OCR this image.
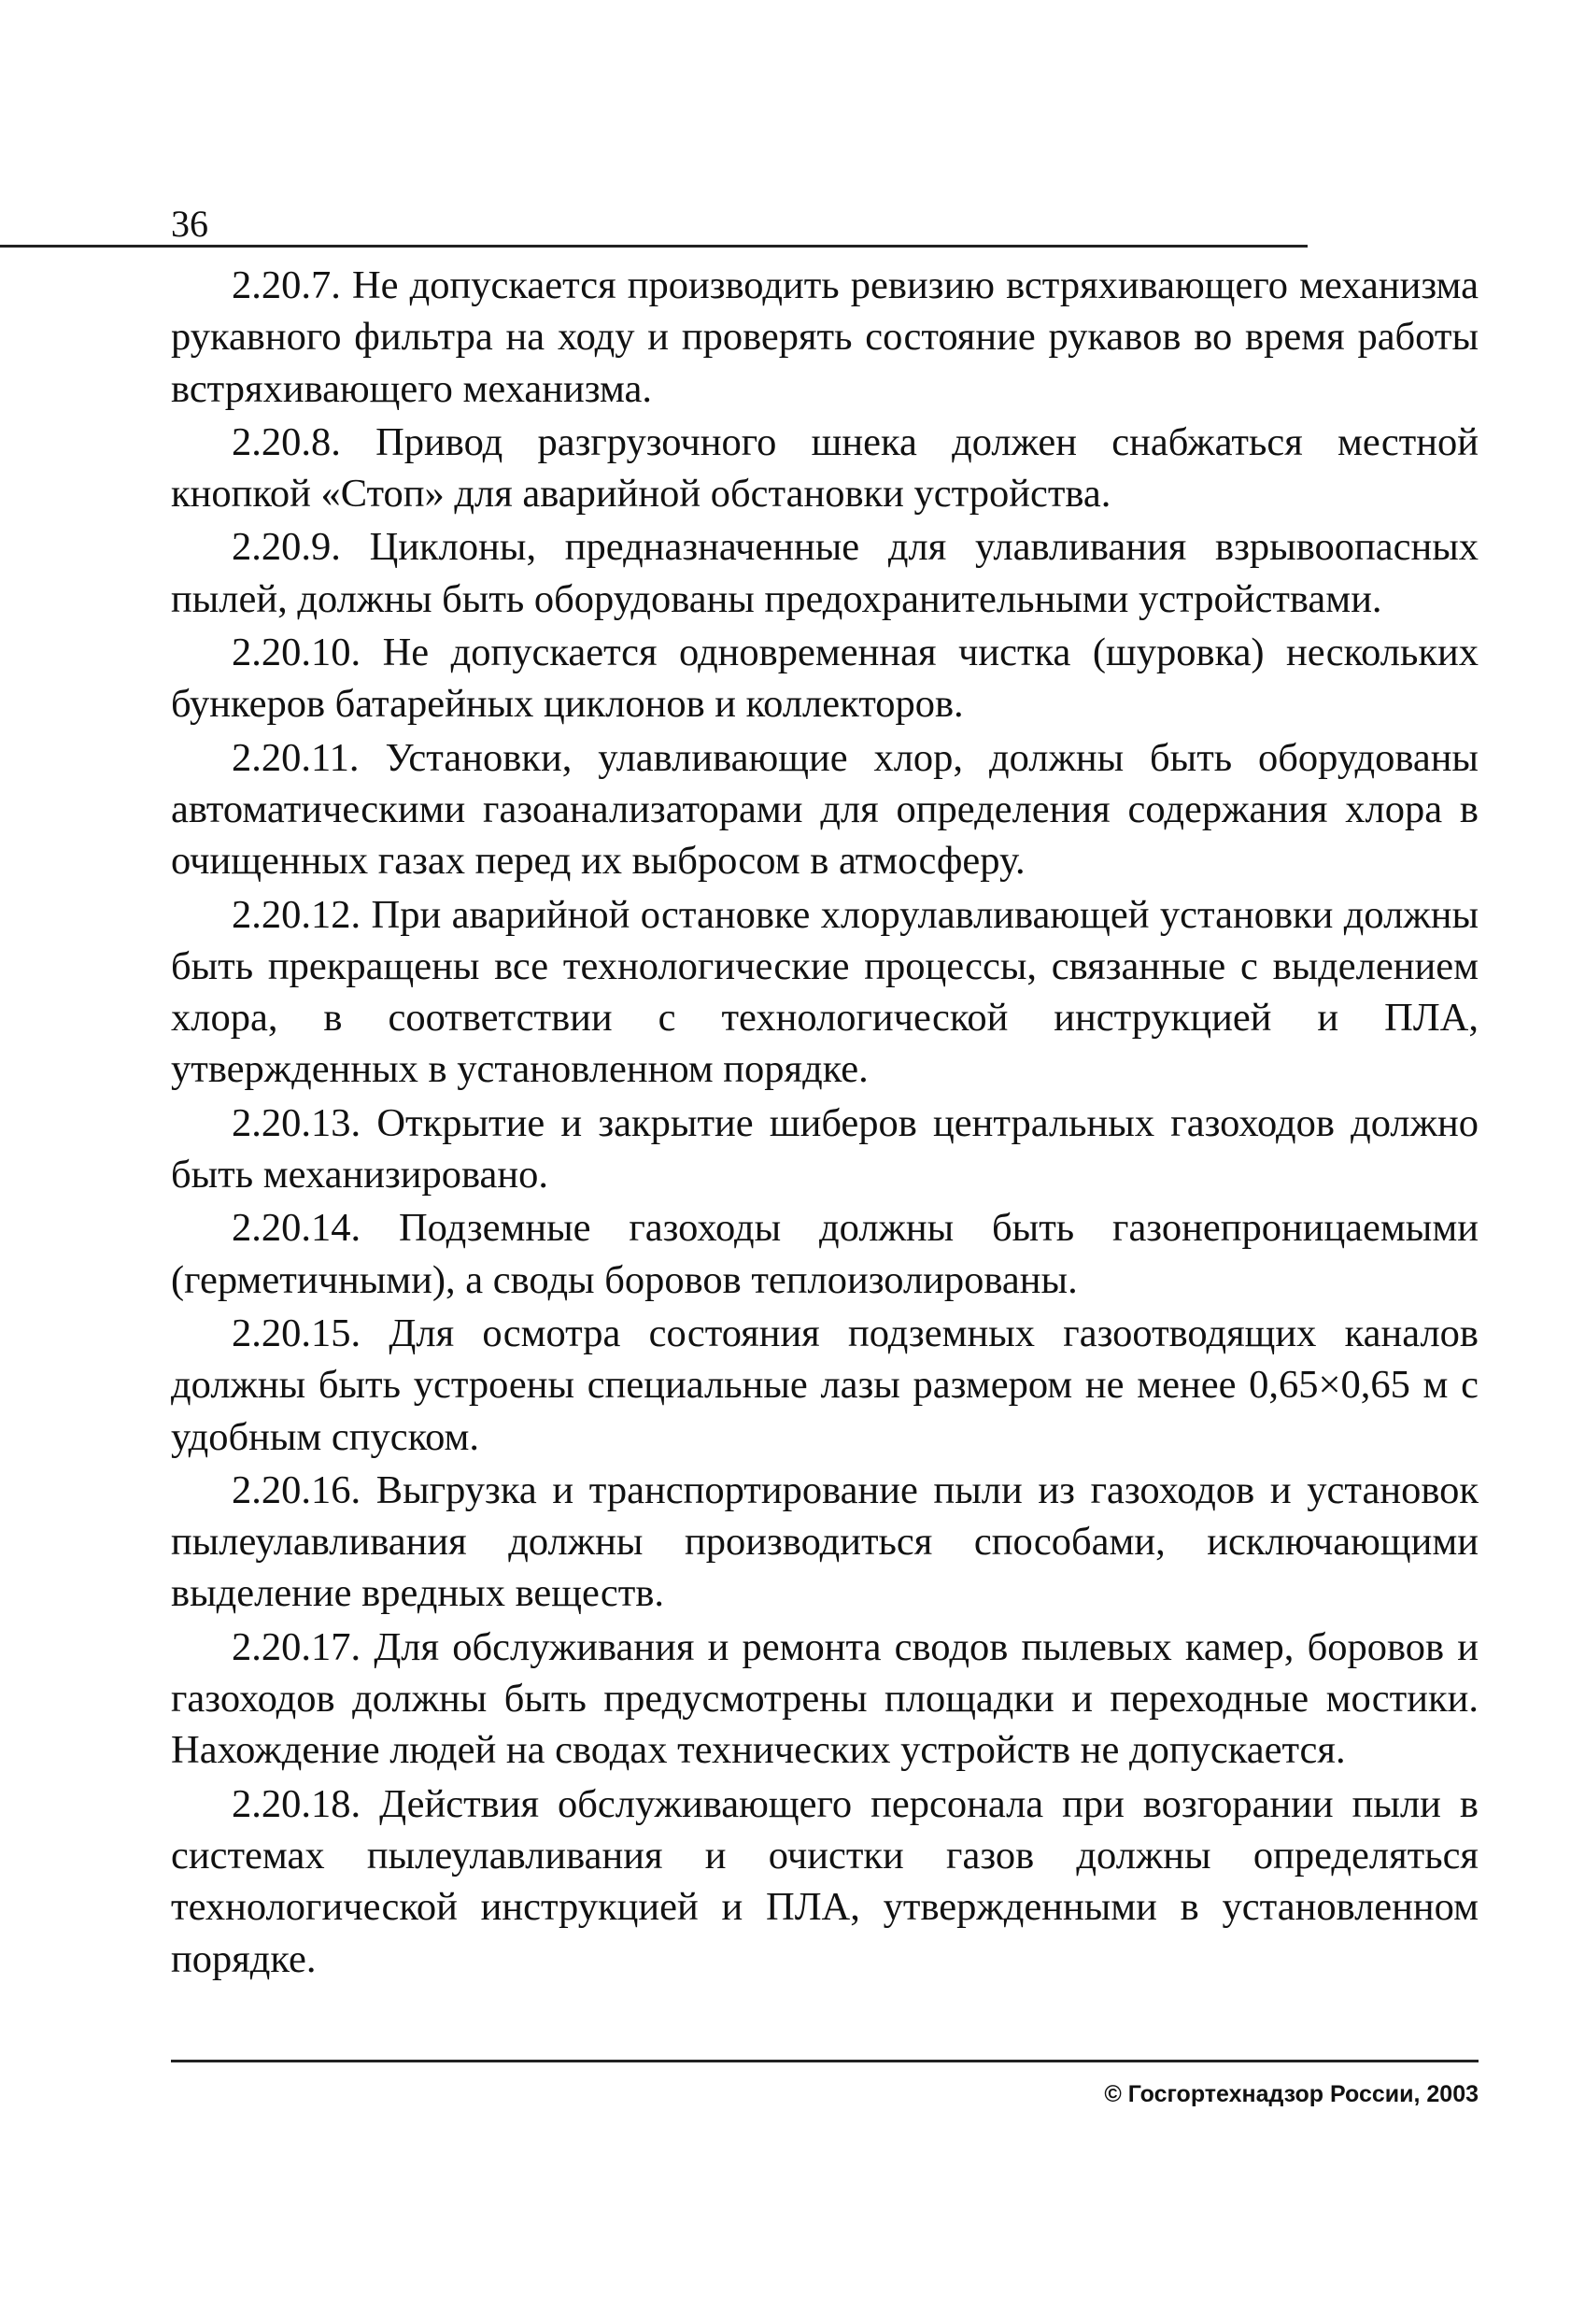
36

2.20.7. Не допускается производить ревизию встряхивающего механизма рукавного фильтра на ходу и проверять состояние рукавов во время работы встряхивающего механизма.

2.20.8. Привод разгрузочного шнека должен снабжаться местной кнопкой «Стоп» для аварийной обстановки устройства.

2.20.9. Циклоны, предназначенные для улавливания взрывоопасных пылей, должны быть оборудованы предохранительными устройствами.

2.20.10. Не допускается одновременная чистка (шуровка) нескольких бункеров батарейных циклонов и коллекторов.

2.20.11. Установки, улавливающие хлор, должны быть оборудованы автоматическими газоанализаторами для определения содержания хлора в очищенных газах перед их выбросом в атмосферу.

2.20.12. При аварийной остановке хлорулавливающей установки должны быть прекращены все технологические процессы, связанные с выделением хлора, в соответствии с технологической инструкцией и ПЛА, утвержденных в установленном порядке.

2.20.13. Открытие и закрытие шиберов центральных газоходов должно быть механизировано.

2.20.14. Подземные газоходы должны быть газонепроницаемыми (герметичными), а своды боровов теплоизолированы.

2.20.15. Для осмотра состояния подземных газоотводящих каналов должны быть устроены специальные лазы размером не менее 0,65×0,65 м с удобным спуском.

2.20.16. Выгрузка и транспортирование пыли из газоходов и установок пылеулавливания должны производиться способами, исключающими выделение вредных веществ.

2.20.17. Для обслуживания и ремонта сводов пылевых камер, боровов и газоходов должны быть предусмотрены площадки и переходные мостики. Нахождение людей на сводах технических устройств не допускается.

2.20.18. Действия обслуживающего персонала при возгорании пыли в системах пылеулавливания и очистки газов должны определяться технологической инструкцией и ПЛА, утвержденными в установленном порядке.

© Госгортехнадзор России, 2003
